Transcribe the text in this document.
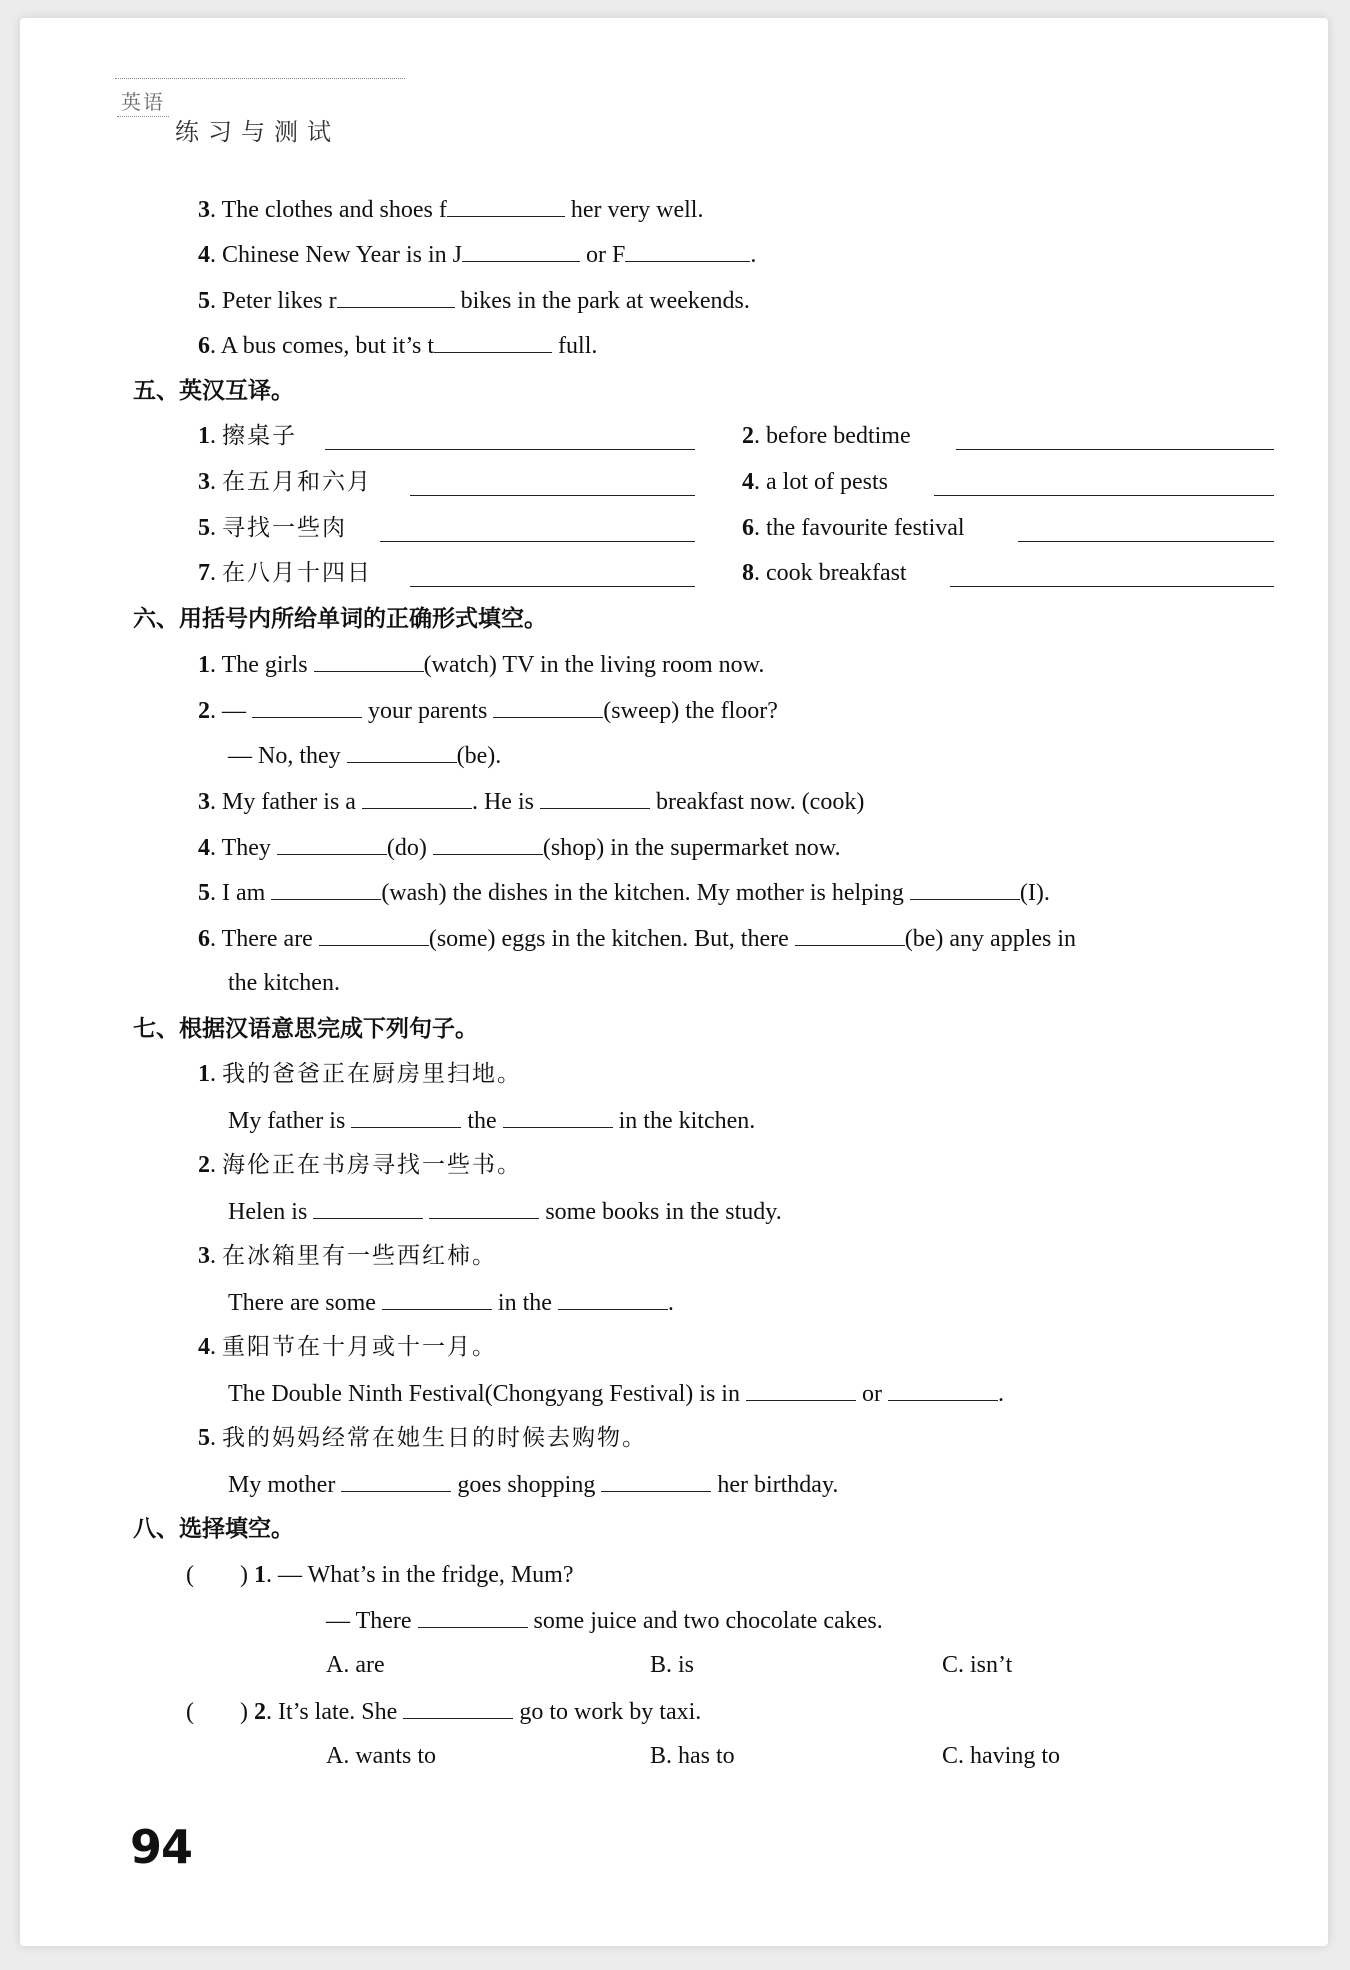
英语
练习与测试
3. The clothes and shoes f	her very well.
4. Chinese New Year is in J	or F	.
5. Peter likes r	bikes in the park at weekends.
6. A bus comes, but it’s t	full.
五、英汉互译。
1. 擦桌子	2. before bedtime
3. 在五月和六月	4. a lot of pests
5. 寻找一些肉	6. the favourite festival
7. 在八月十四日	8. cook breakfast
六、用括号内所给单词的正确形式填空。
1. The girls	(watch) TV in the living room now.
2. —	your parents	(sweep) the floor?
— No, they	(be).
3. My father is a	. He is	breakfast now. (cook)
4. They	(do)	(shop) in the supermarket now.
5. I am	(wash) the dishes in the kitchen. My mother is helping	(I).
6. There are	(some) eggs in the kitchen. But, there	(be) any apples in
the kitchen.
七、根据汉语意思完成下列句子。
1. 我的爸爸正在厨房里扫地。
My father is	the	in the kitchen.
2. 海伦正在书房寻找一些书。
Helen is	some books in the study.
3. 在冰箱里有一些西红柿。
There are some	in the	.
4. 重阳节在十月或十一月。
The Double Ninth Festival(Chongyang Festival) is in	or	.
5. 我的妈妈经常在她生日的时候去购物。
My mother	goes shopping	her birthday.
八、选择填空。
( ) 1. — What’s in the fridge, Mum?
— There	some juice and two chocolate cakes.
A. are	B. is	C. isn’t
( ) 2. It’s late. She	go to work by taxi.
A. wants to	B. has to	C. having to
94
